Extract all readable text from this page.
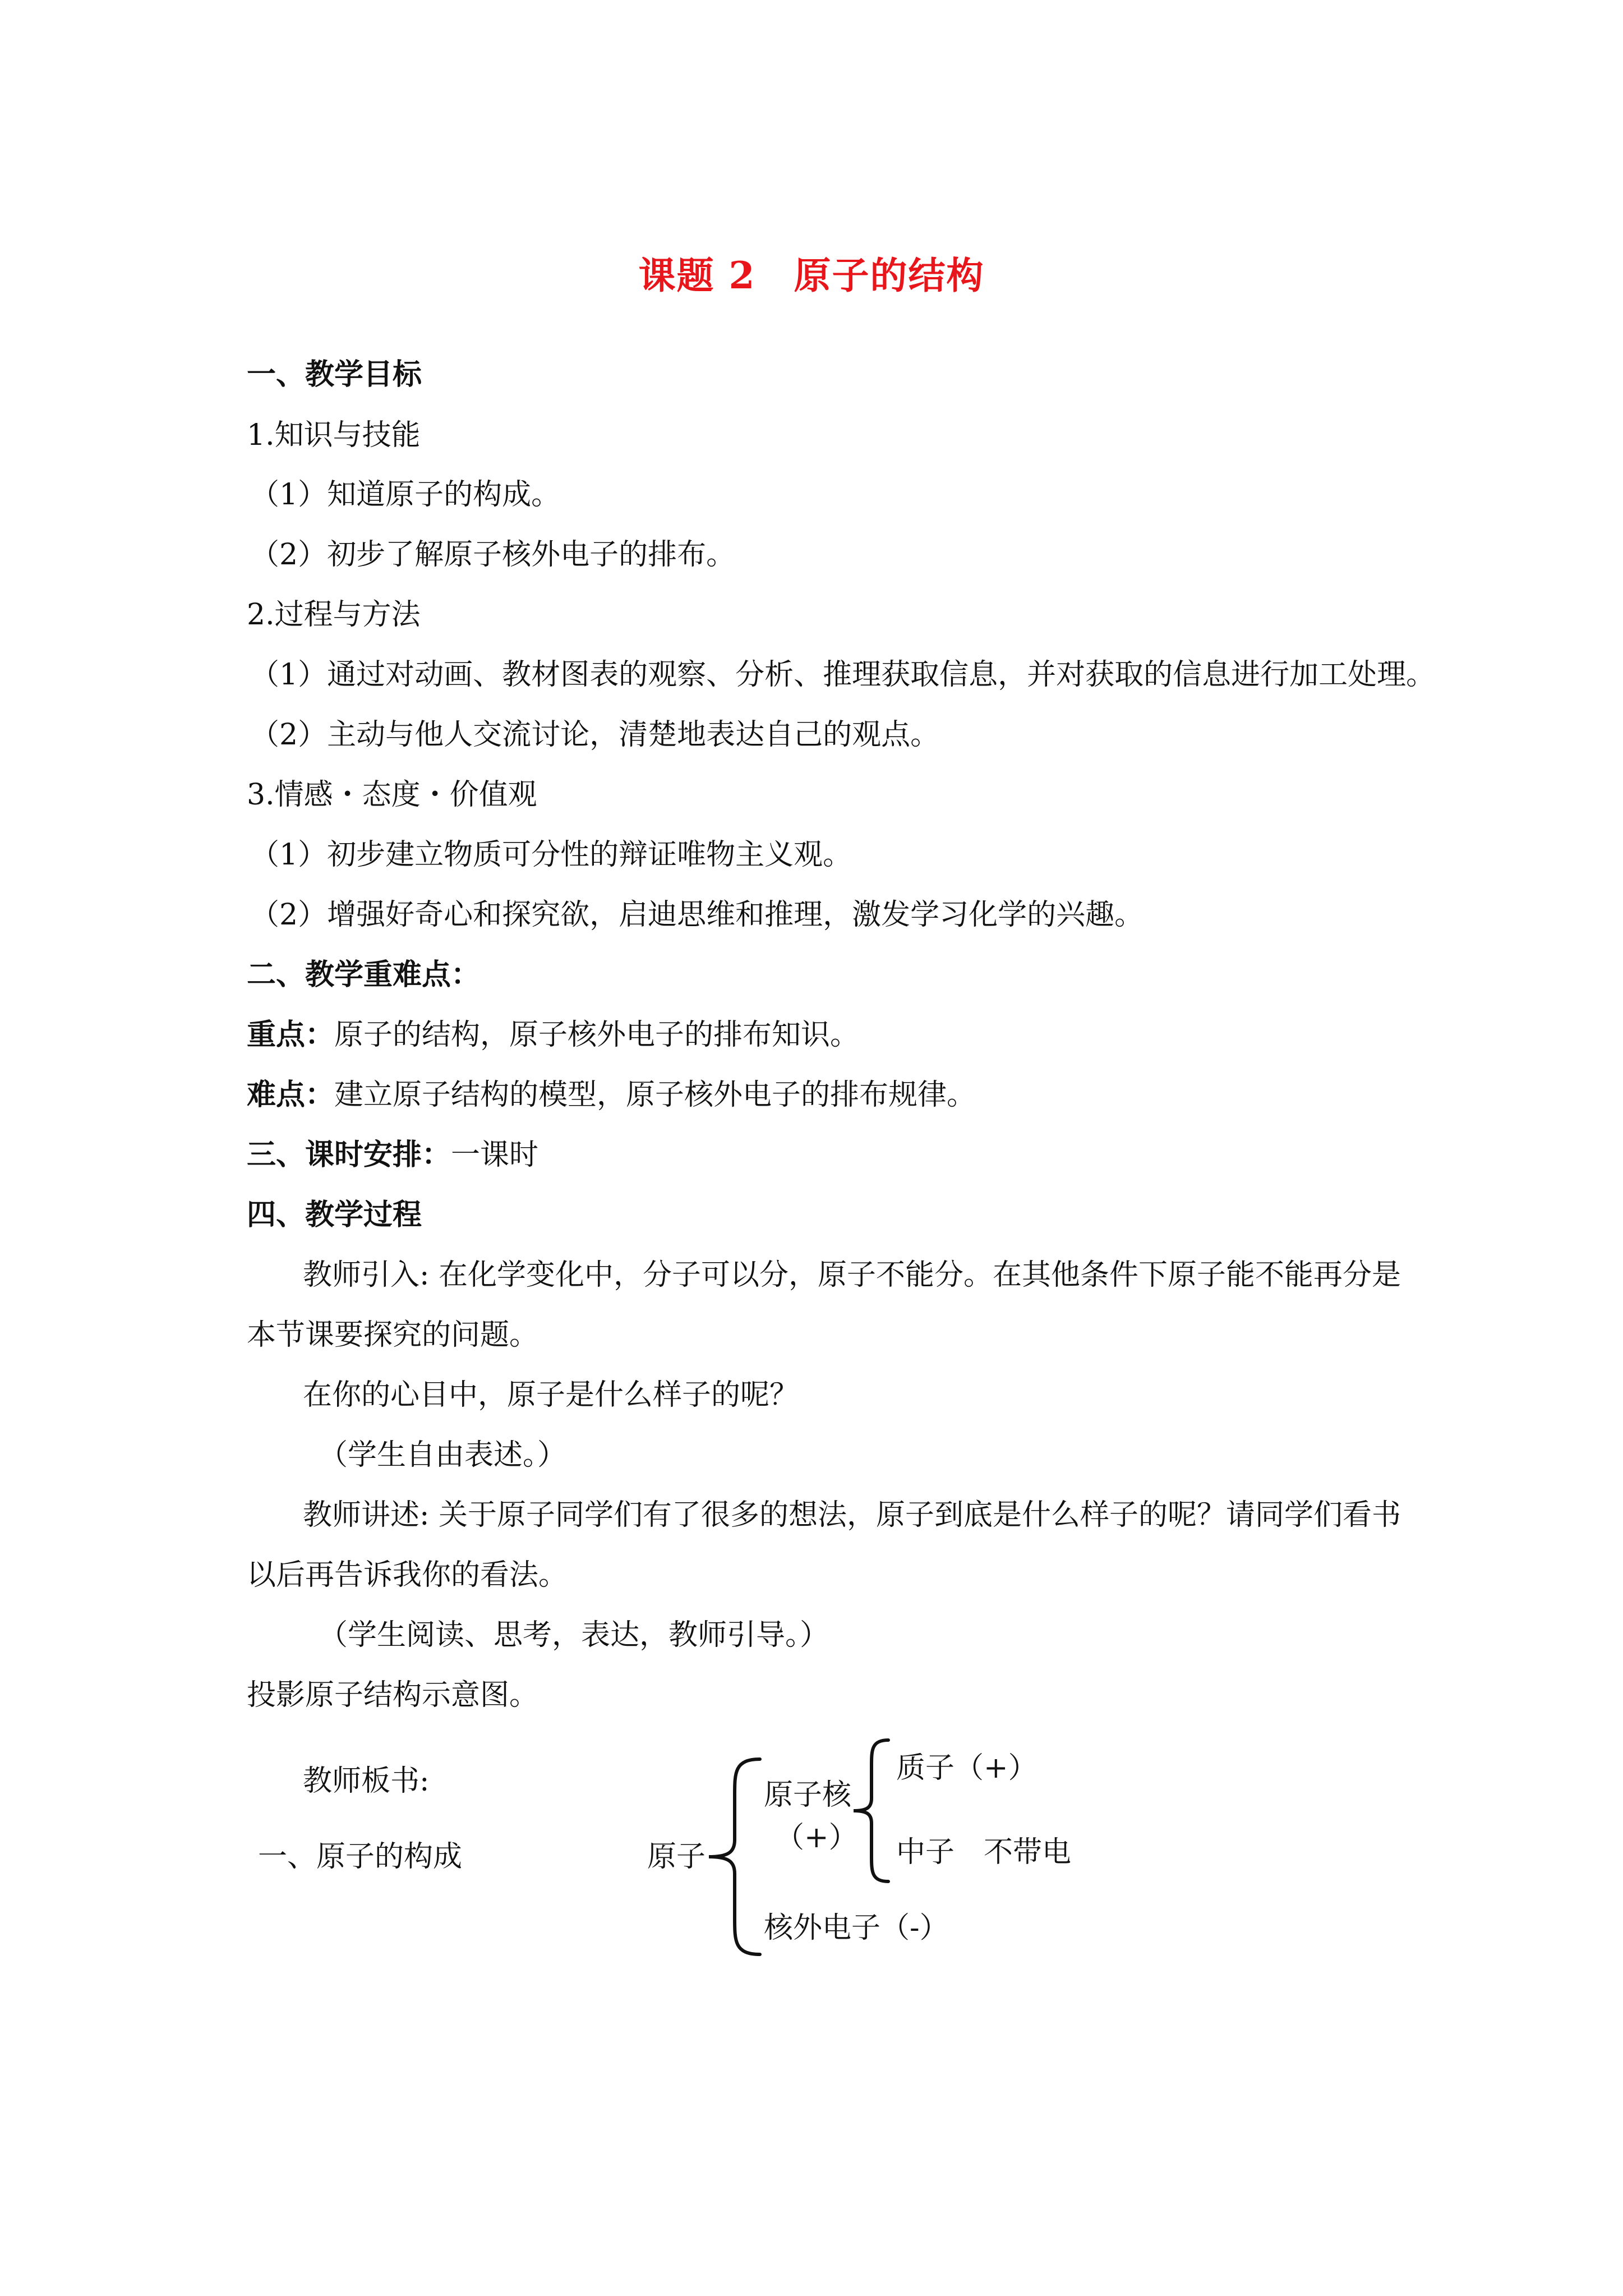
课题 2　原子的结构
一、教学目标
1.知识与技能
（1）知道原子的构成。
（2）初步了解原子核外电子的排布。
2.过程与方法
（1）通过对动画、教材图表的观察、分析、推理获取信息，并对获取的信息进行加工处理。
（2）主动与他人交流讨论，清楚地表达自己的观点。
3.情感・态度・价值观
（1）初步建立物质可分性的辩证唯物主义观。
（2）增强好奇心和探究欲，启迪思维和推理，激发学习化学的兴趣。
二、教学重难点：
重点：原子的结构，原子核外电子的排布知识。
难点：建立原子结构的模型，原子核外电子的排布规律。
三、课时安排：一课时
四、教学过程
教师引入: 在化学变化中，分子可以分，原子不能分。在其他条件下原子能不能再分是
本节课要探究的问题。
在你的心目中，原子是什么样子的呢？
（学生自由表述。）
教师讲述: 关于原子同学们有了很多的想法，原子到底是什么样子的呢？请同学们看书
以后再告诉我你的看法。
（学生阅读、思考，表达，教师引导。）
投影原子结构示意图。
教师板书:
一、原子的构成	原子
原子核
（+）
质子（+）
中子　不带电
核外电子（-）
